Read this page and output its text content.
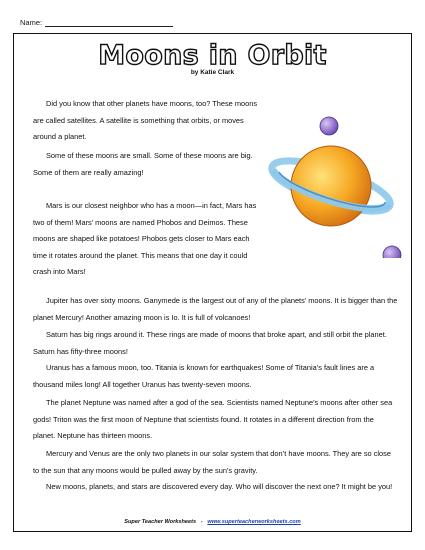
Name:
Moons in Orbit
by Katie Clark

Did you know that other planets have moons, too? These moons are called satellites. A satellite is something that orbits, or moves around a planet.

Some of these moons are small. Some of these moons are big. Some of them are really amazing!

Mars is our closest neighbor who has a moon—in fact, Mars has two of them! Mars’ moons are named Phobos and Deimos. These moons are shaped like potatoes! Phobos gets closer to Mars each time it rotates around the planet. This means that one day it could crash into Mars!

Jupiter has over sixty moons. Ganymede is the largest out of any of the planets’ moons. It is bigger than the planet Mercury! Another amazing moon is Io. It is full of volcanoes!

Saturn has big rings around it. These rings are made of moons that broke apart, and still orbit the planet. Saturn has fifty-three moons!

Uranus has a famous moon, too. Titania is known for earthquakes! Some of Titania’s fault lines are a thousand miles long! All together Uranus has twenty-seven moons.

The planet Neptune was named after a god of the sea. Scientists named Neptune’s moons after other sea gods! Triton was the first moon of Neptune that scientists found. It rotates in a different direction from the planet. Neptune has thirteen moons.

Mercury and Venus are the only two planets in our solar system that don’t have moons. They are so close to the sun that any moons would be pulled away by the sun’s gravity.

New moons, planets, and stars are discovered every day. Who will discover the next one? It might be you!

Super Teacher Worksheets - www.superteacherworksheets.com
